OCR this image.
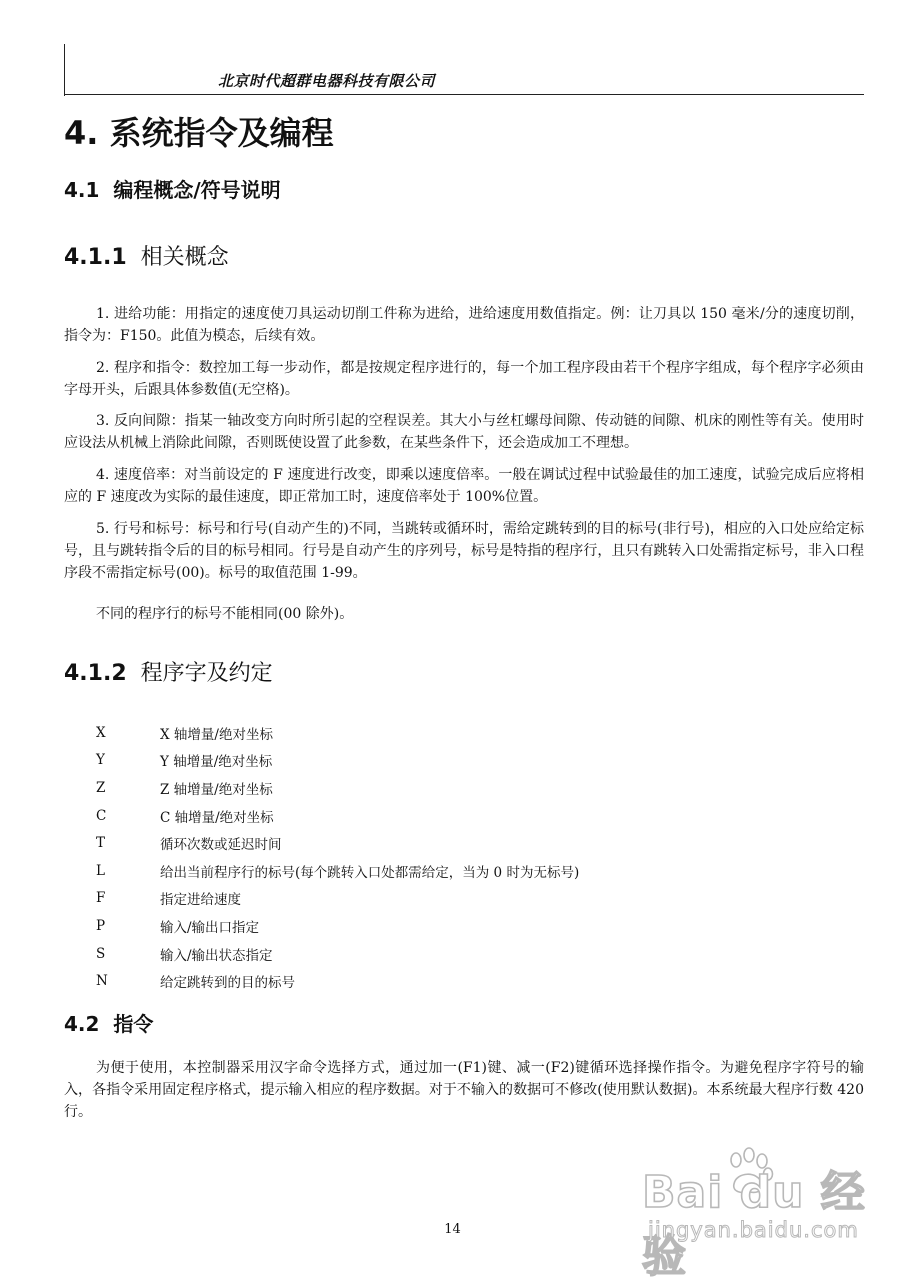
北京时代超群电器科技有限公司
4. 系统指令及编程
4.1 编程概念/符号说明
4.1.1 相关概念

1. 进给功能：用指定的速度使刀具运动切削工件称为进给，进给速度用数值指定。例：让刀具以 150 毫米/分的速度切削，指令为：F150。此值为模态，后续有效。

2. 程序和指令：数控加工每一步动作，都是按规定程序进行的，每一个加工程序段由若干个程序字组成，每个程序字必须由字母开头，后跟具体参数值(无空格)。

3. 反向间隙：指某一轴改变方向时所引起的空程误差。其大小与丝杠螺母间隙、传动链的间隙、机床的刚性等有关。使用时应设法从机械上消除此间隙，否则既使设置了此参数，在某些条件下，还会造成加工不理想。

4. 速度倍率：对当前设定的 F 速度进行改变，即乘以速度倍率。一般在调试过程中试验最佳的加工速度，试验完成后应将相应的 F 速度改为实际的最佳速度，即正常加工时，速度倍率处于 100%位置。

5. 行号和标号：标号和行号(自动产生的)不同，当跳转或循环时，需给定跳转到的目的标号(非行号)，相应的入口处应给定标号，且与跳转指令后的目的标号相同。行号是自动产生的序列号，标号是特指的程序行，且只有跳转入口处需指定标号，非入口程序段不需指定标号(00)。标号的取值范围 1-99。

不同的程序行的标号不能相同(00 除外)。

4.1.2 程序字及约定
X	X 轴增量/绝对坐标
Y	Y 轴增量/绝对坐标
Z	Z 轴增量/绝对坐标
C	C 轴增量/绝对坐标
T	循环次数或延迟时间
L	给出当前程序行的标号(每个跳转入口处都需给定，当为 0 时为无标号)
F	指定进给速度
P	输入/输出口指定
S	输入/输出状态指定
N	给定跳转到的目的标号
4.2 指令

为便于使用，本控制器采用汉字命令选择方式，通过加一(F1)键、减一(F2)键循环选择操作指令。为避免程序字符号的输入，各指令采用固定程序格式，提示输入相应的程序数据。对于不输入的数据可不修改(使用默认数据)。本系统最大程序行数 420 行。

14
Bai du 经验
jingyan.baidu.com
